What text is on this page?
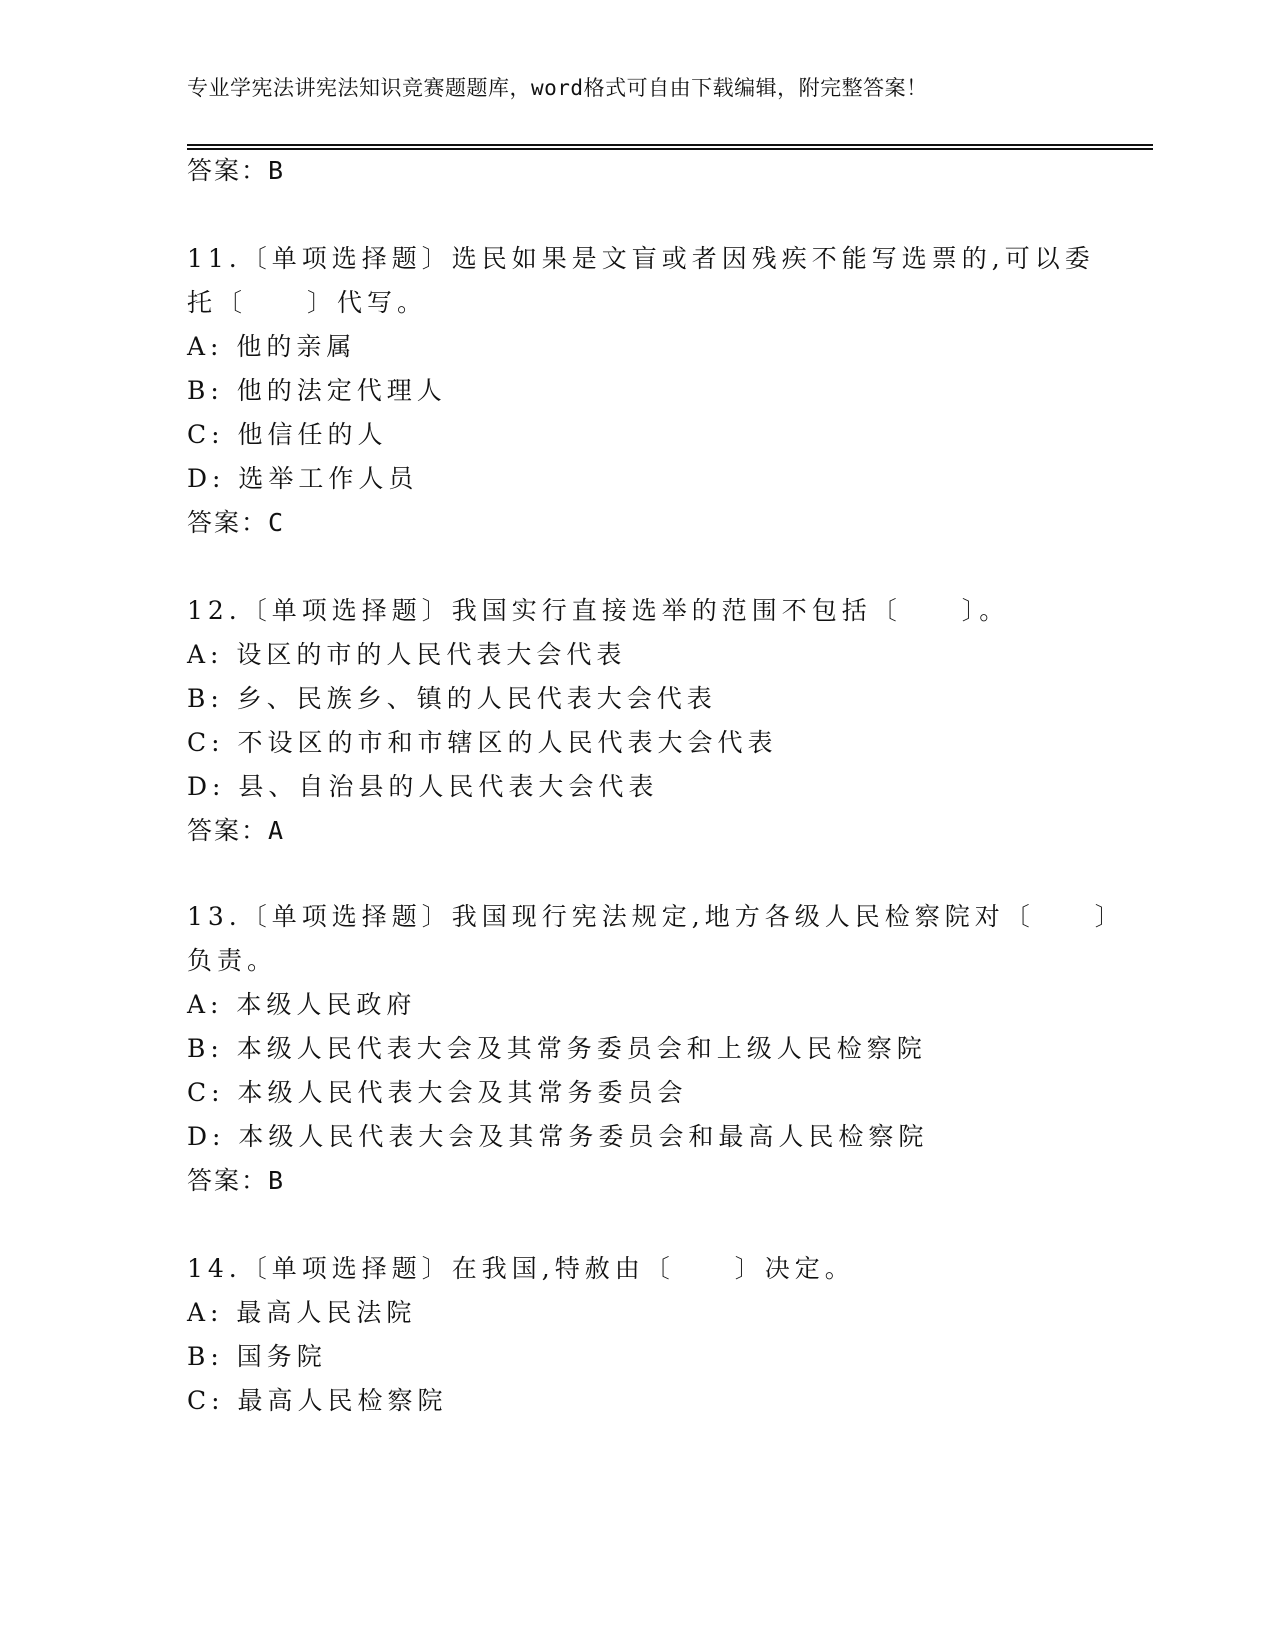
专业学宪法讲宪法知识竞赛题题库，word格式可自由下载编辑，附完整答案！
答案：B
11.〔单项选择题〕选民如果是文盲或者因残疾不能写选票的,可以委
托〔　　〕代写。
A: 他的亲属
B: 他的法定代理人
C: 他信任的人
D: 选举工作人员
答案：C
12.〔单项选择题〕我国实行直接选举的范围不包括〔　　〕。
A: 设区的市的人民代表大会代表
B: 乡、民族乡、镇的人民代表大会代表
C: 不设区的市和市辖区的人民代表大会代表
D: 县、自治县的人民代表大会代表
答案：A
13.〔单项选择题〕我国现行宪法规定,地方各级人民检察院对〔　　〕
负责。
A: 本级人民政府
B: 本级人民代表大会及其常务委员会和上级人民检察院
C: 本级人民代表大会及其常务委员会
D: 本级人民代表大会及其常务委员会和最高人民检察院
答案：B
14.〔单项选择题〕在我国,特赦由〔　　〕决定。
A: 最高人民法院
B: 国务院
C: 最高人民检察院
